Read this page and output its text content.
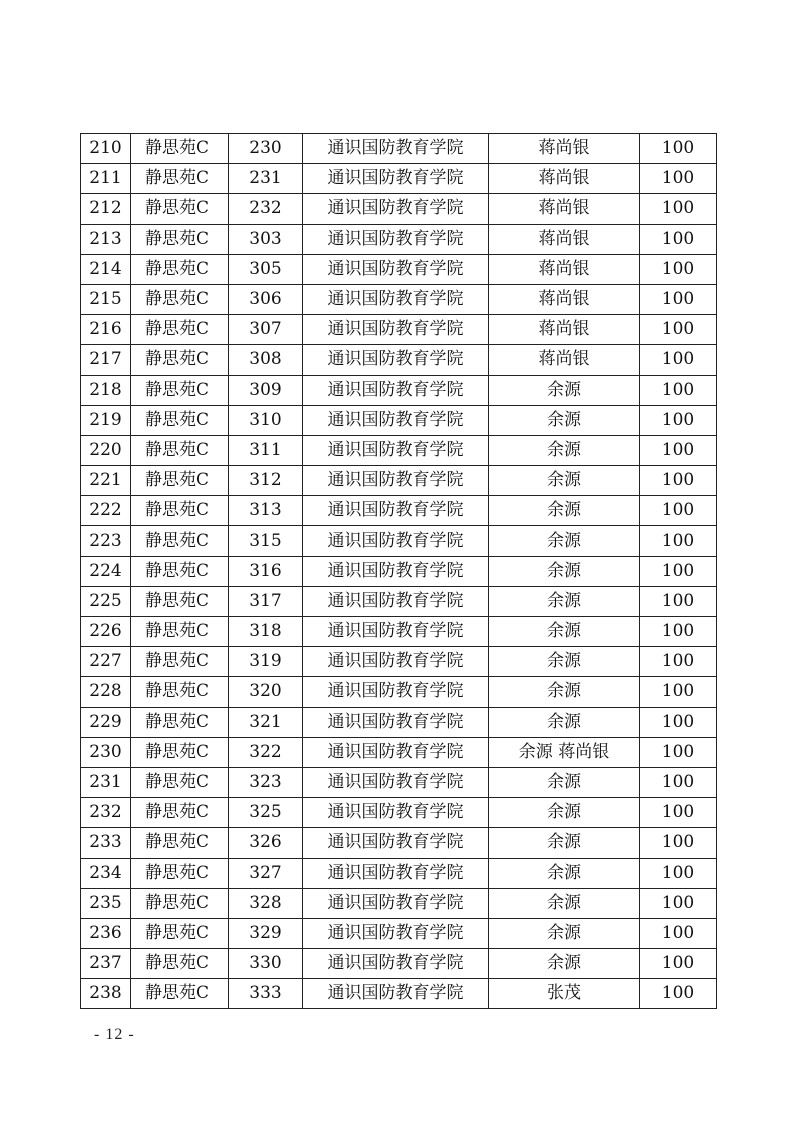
210	静思苑C	230	通识国防教育学院	蒋尚银	100
211	静思苑C	231	通识国防教育学院	蒋尚银	100
212	静思苑C	232	通识国防教育学院	蒋尚银	100
213	静思苑C	303	通识国防教育学院	蒋尚银	100
214	静思苑C	305	通识国防教育学院	蒋尚银	100
215	静思苑C	306	通识国防教育学院	蒋尚银	100
216	静思苑C	307	通识国防教育学院	蒋尚银	100
217	静思苑C	308	通识国防教育学院	蒋尚银	100
218	静思苑C	309	通识国防教育学院	余源	100
219	静思苑C	310	通识国防教育学院	余源	100
220	静思苑C	311	通识国防教育学院	余源	100
221	静思苑C	312	通识国防教育学院	余源	100
222	静思苑C	313	通识国防教育学院	余源	100
223	静思苑C	315	通识国防教育学院	余源	100
224	静思苑C	316	通识国防教育学院	余源	100
225	静思苑C	317	通识国防教育学院	余源	100
226	静思苑C	318	通识国防教育学院	余源	100
227	静思苑C	319	通识国防教育学院	余源	100
228	静思苑C	320	通识国防教育学院	余源	100
229	静思苑C	321	通识国防教育学院	余源	100
230	静思苑C	322	通识国防教育学院	余源 蒋尚银	100
231	静思苑C	323	通识国防教育学院	余源	100
232	静思苑C	325	通识国防教育学院	余源	100
233	静思苑C	326	通识国防教育学院	余源	100
234	静思苑C	327	通识国防教育学院	余源	100
235	静思苑C	328	通识国防教育学院	余源	100
236	静思苑C	329	通识国防教育学院	余源	100
237	静思苑C	330	通识国防教育学院	余源	100
238	静思苑C	333	通识国防教育学院	张茂	100
- 12 -
